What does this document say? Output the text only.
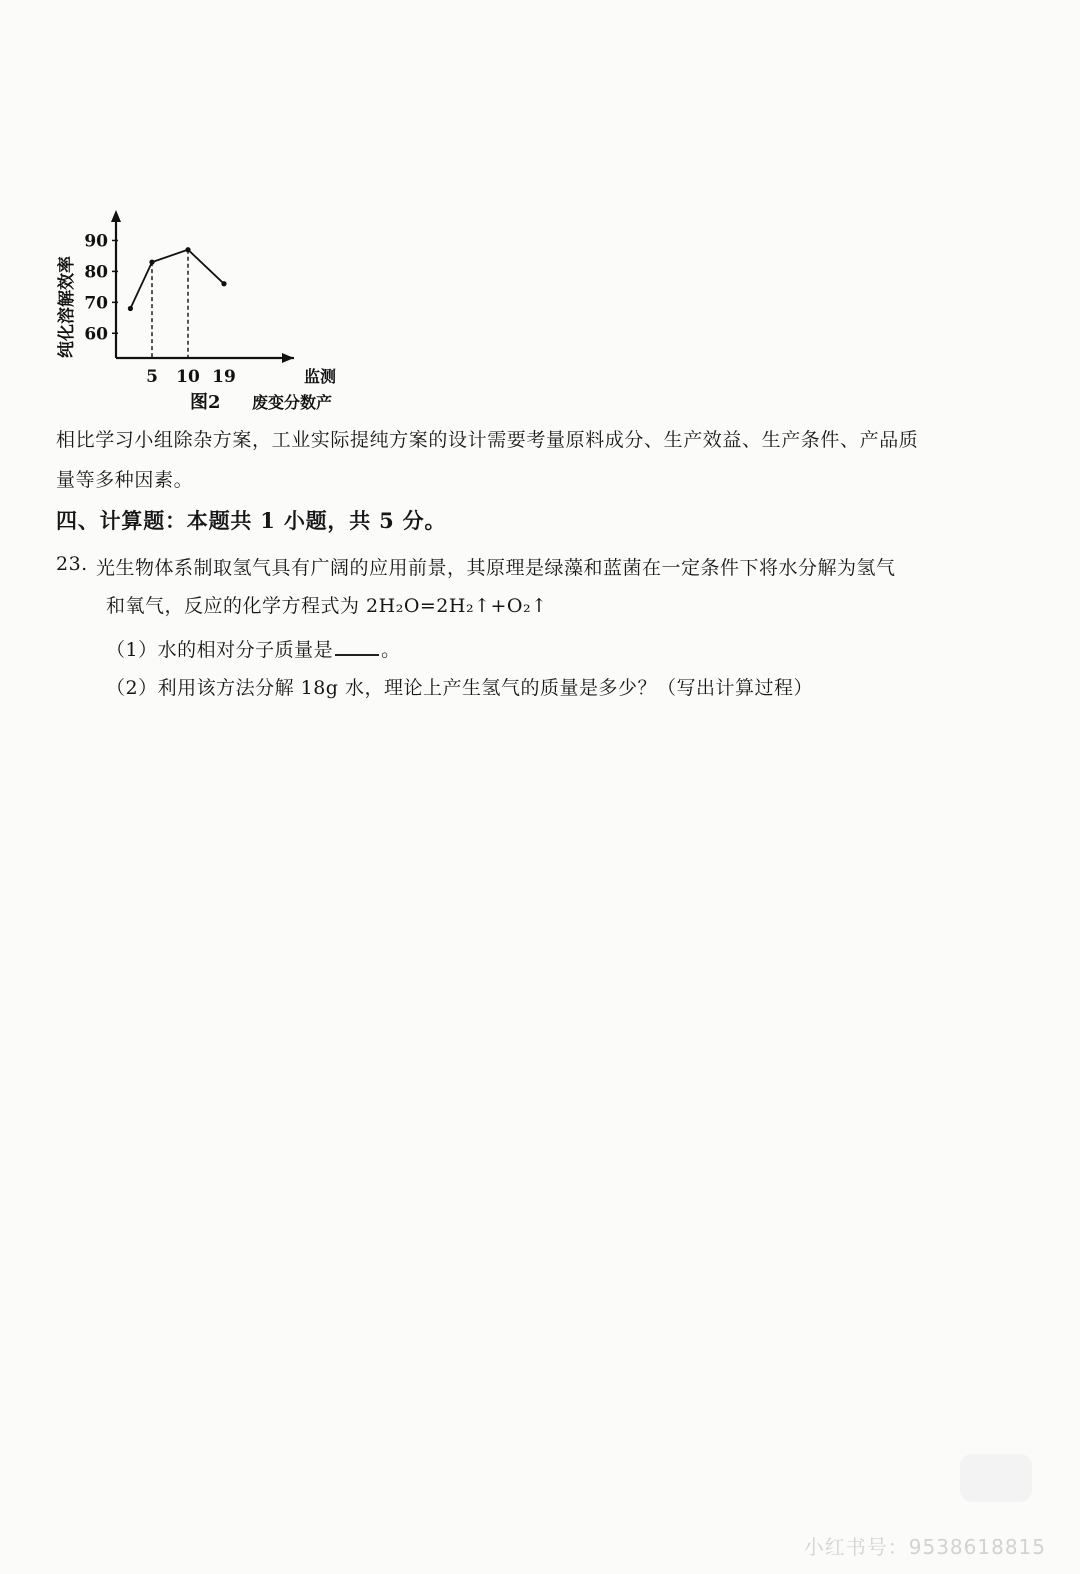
60
70
80
90
5 10 19
纯化溶解效率
监测
图2 废变分数产
相比学习小组除杂方案，工业实际提纯方案的设计需要考量原料成分、生产效益、生产条件、产品质
量等多种因素。
四、计算题：本题共 1 小题，共 5 分。
23. 光生物体系制取氢气具有广阔的应用前景，其原理是绿藻和蓝菌在一定条件下将水分解为氢气
和氧气，反应的化学方程式为 2H₂O=2H₂↑+O₂↑
（1）水的相对分子质量是	。
（2）利用该方法分解 18g 水，理论上产生氢气的质量是多少？（写出计算过程）
小红书号：9538618815
